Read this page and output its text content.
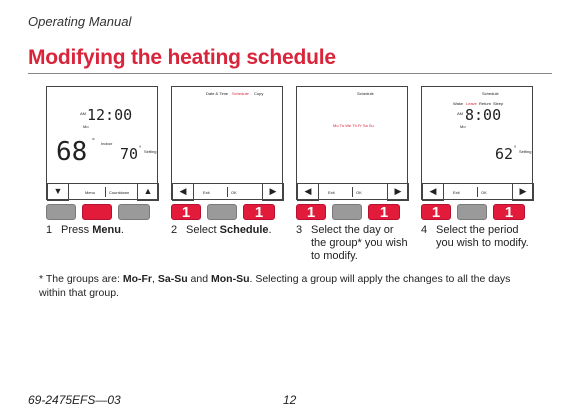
Operating Manual
Modifying the heating schedule
AM 12:00
Mo
68 ° Indoor
70 ° Setting
▼	Menu	Countdown	▲
1 Press Menu.
Date & Time Schedule Copy
◀	Exit	OK	▶
1	1
2 Select Schedule.
Schedule
Mo Tu We Th Fr Sa Su
◀	Exit	OK	▶
1	1
3 Select the day or the group* you wish to modify.
Schedule
Wake Leave Return Sleep
AM 8:00
Mo
62 ° Setting
◀	Exit	OK	▶
1	1
4 Select the period you wish to modify.
* The groups are: Mo-Fr, Sa-Su and Mon-Su. Selecting a group will apply the changes to all the days within that group.
69-2475EFS—03	12
